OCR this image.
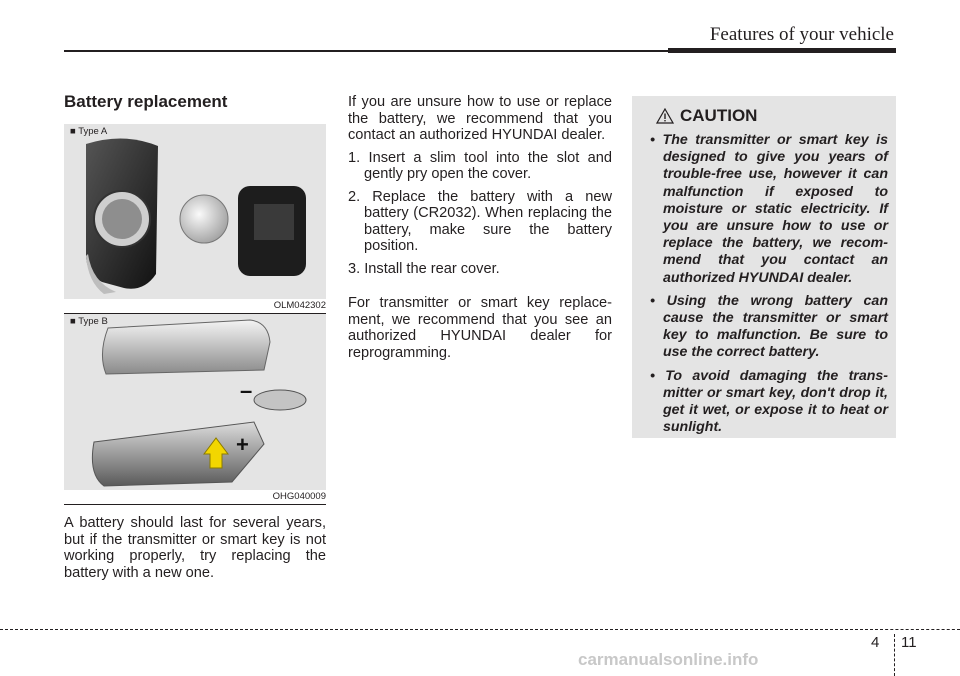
Features of your vehicle
Battery replacement
■ Type A
OLM042302
–
+
■ Type B
OHG040009

A battery should last for several years, but if the transmitter or smart key is not working properly, try replacing the battery with a new one.

If you are unsure how to use or replace the battery, we recommend that you contact an authorized HYUNDAI dealer.

1. Insert a slim tool into the slot and gently pry open the cover.
2. Replace the battery with a new battery (CR2032). When replacing the battery, make sure the battery position.
3. Install the rear cover.

For transmitter or smart key replace-ment, we recommend that you see an authorized HYUNDAI dealer for reprogramming.

CAUTION
• The transmitter or smart key is designed to give you years of trouble-free use, however it can malfunction if exposed to moisture or static electricity. If you are unsure how to use or replace the battery, we recom-mend that you contact an authorized HYUNDAI dealer.
• Using the wrong battery can cause the transmitter or smart key to malfunction. Be sure to use the correct battery.
• To avoid damaging the trans-mitter or smart key, don't drop it, get it wet, or expose it to heat or sunlight.
4 11
carmanualsonline.info
